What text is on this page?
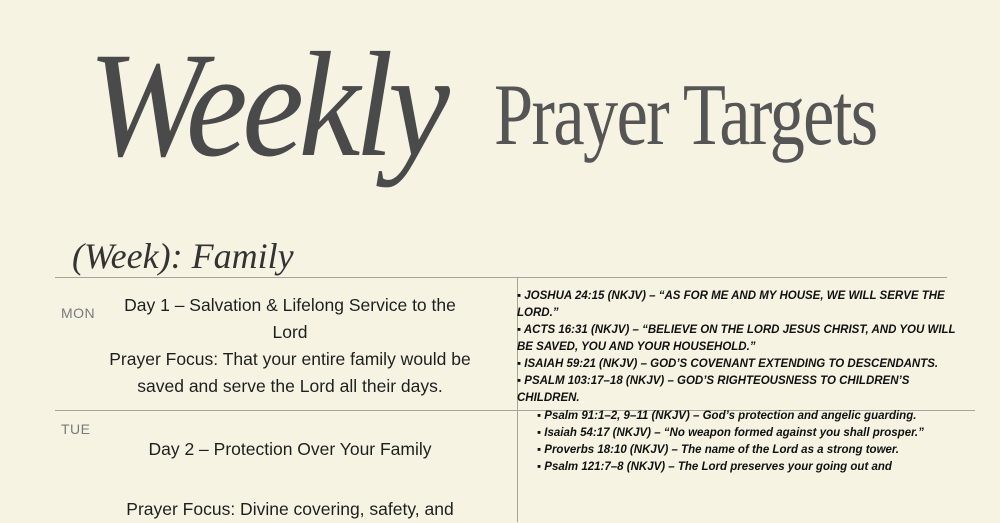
Weekly Prayer Targets
(Week): Family
MON	Day 1 – Salvation & Lifelong Service to the
Lord
Prayer Focus: That your entire family would be
saved and serve the Lord all their days.

▪ JOSHUA 24:15 (NKJV) – “AS FOR ME AND MY HOUSE, WE WILL SERVE THE LORD.”

▪ ACTS 16:31 (NKJV) – “BELIEVE ON THE LORD JESUS CHRIST, AND YOU WILL BE SAVED, YOU AND YOUR HOUSEHOLD.”

▪ ISAIAH 59:21 (NKJV) – GOD’S COVENANT EXTENDING TO DESCENDANTS.

▪ PSALM 103:17–18 (NKJV) – GOD’S RIGHTEOUSNESS TO CHILDREN’S CHILDREN.

TUE
Day 2 – Protection Over Your Family
Prayer Focus: Divine covering, safety, and

▪ Psalm 91:1–2, 9–11 (NKJV) – God’s protection and angelic guarding.

▪ Isaiah 54:17 (NKJV) – “No weapon formed against you shall prosper.”

▪ Proverbs 18:10 (NKJV) – The name of the Lord as a strong tower.

▪ Psalm 121:7–8 (NKJV) – The Lord preserves your going out and
